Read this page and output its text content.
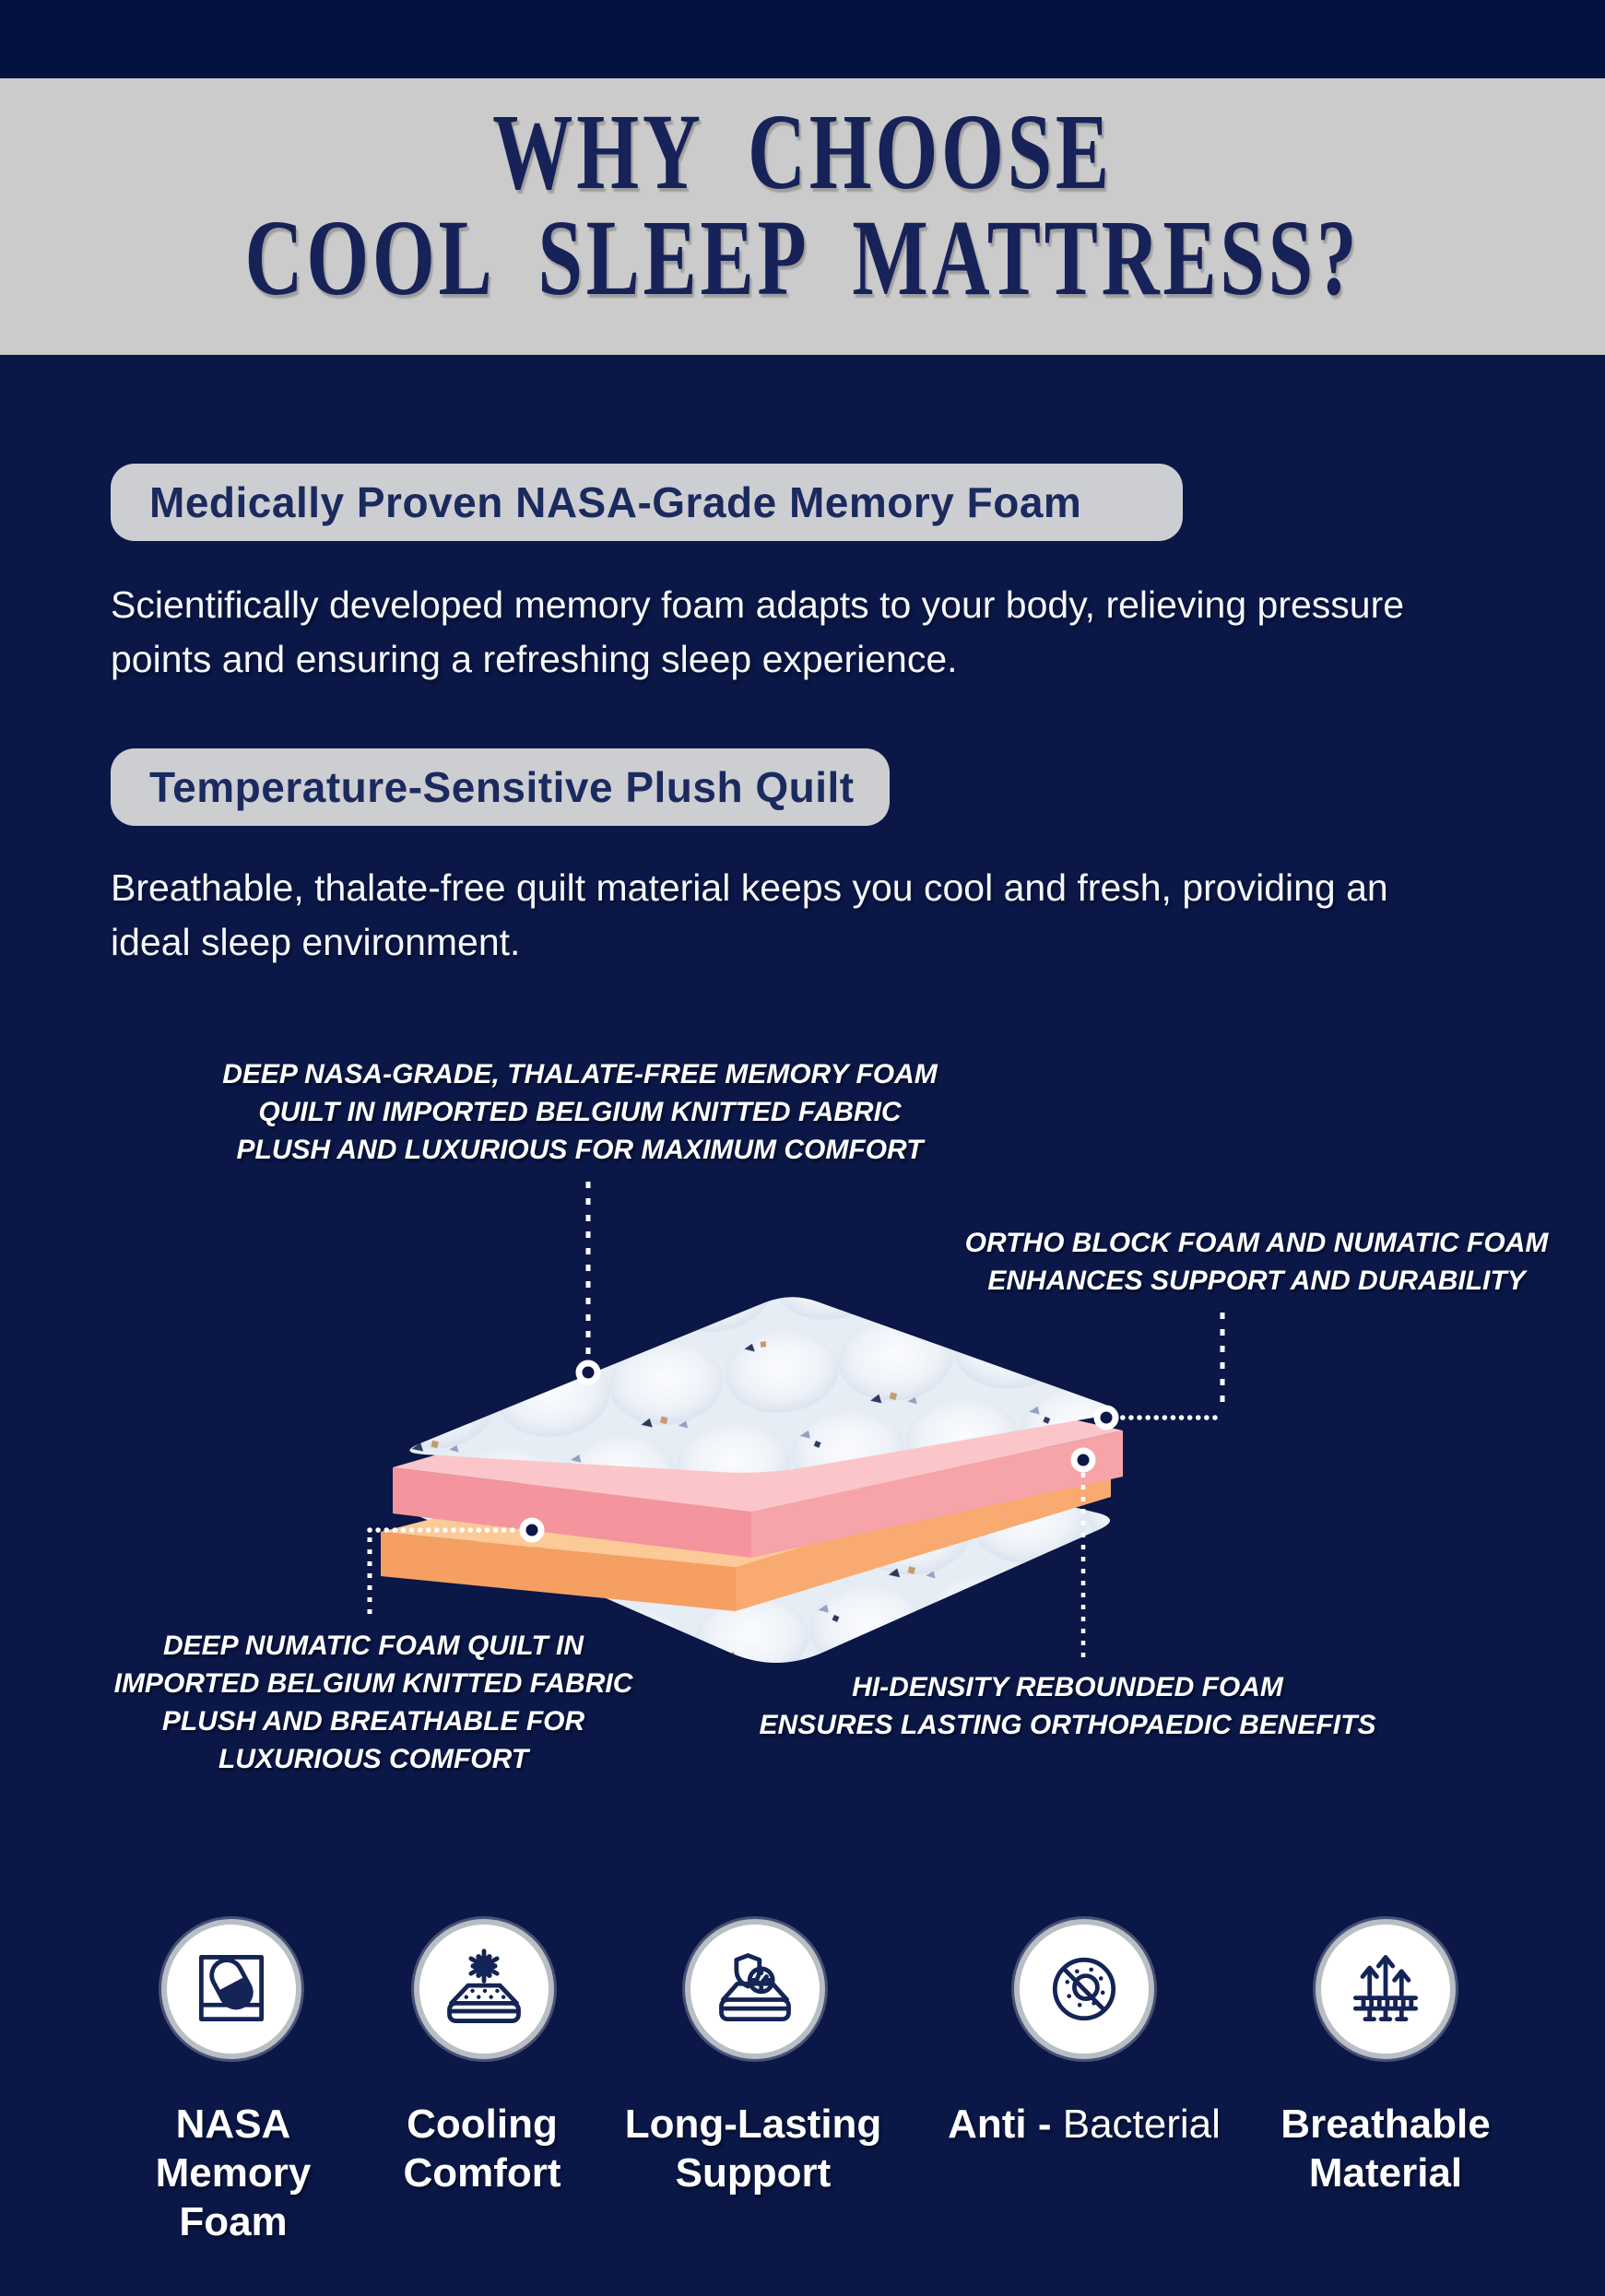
WHY CHOOSE
COOL SLEEP MATTRESS?
Medically Proven NASA-Grade Memory Foam
Scientifically developed memory foam adapts to your body, relieving pressure
points and ensuring a refreshing sleep experience.
Temperature-Sensitive Plush Quilt
Breathable, thalate-free quilt material keeps you cool and fresh, providing an
ideal sleep environment.
DEEP NASA-GRADE, THALATE-FREE MEMORY FOAM
QUILT IN IMPORTED BELGIUM KNITTED FABRIC
PLUSH AND LUXURIOUS FOR MAXIMUM COMFORT
ORTHO BLOCK FOAM AND NUMATIC FOAM
ENHANCES SUPPORT AND DURABILITY
DEEP NUMATIC FOAM QUILT IN
IMPORTED BELGIUM KNITTED FABRIC
PLUSH AND BREATHABLE FOR
LUXURIOUS COMFORT
HI-DENSITY REBOUNDED FOAM
ENSURES LASTING ORTHOPAEDIC BENEFITS
NASA
Memory
Foam
Cooling
Comfort
Long-Lasting
Support
Anti - Bacterial Breathable
Material
